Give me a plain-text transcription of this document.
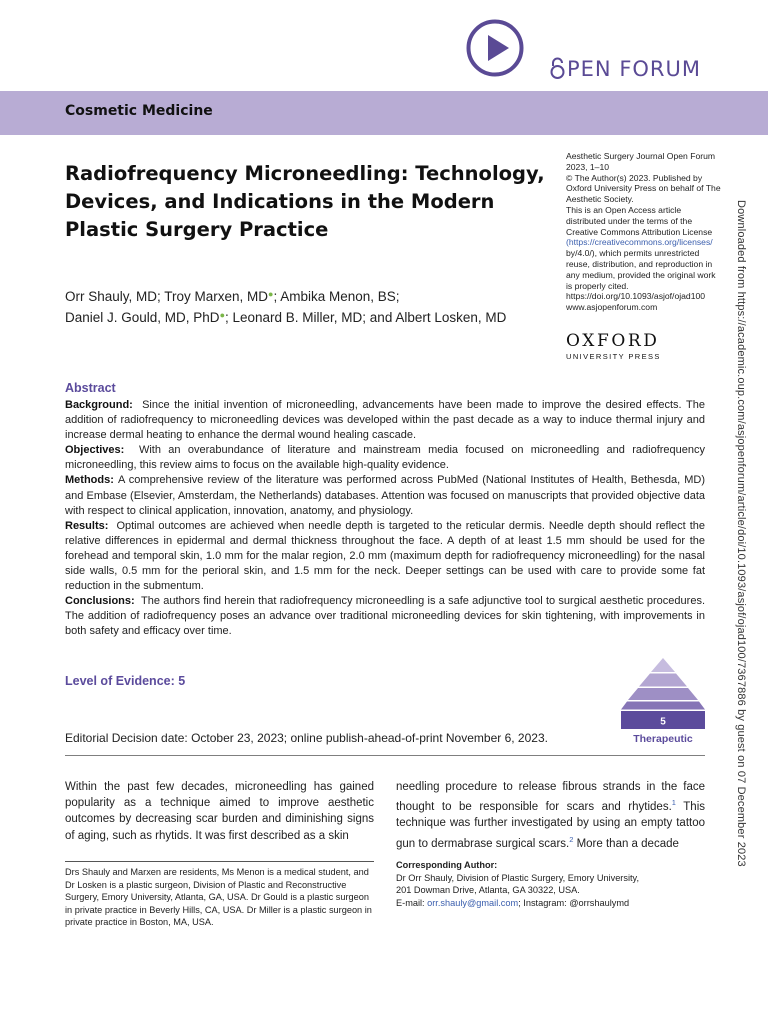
PEN FORUM
Cosmetic Medicine
Radiofrequency Microneedling: Technology, Devices, and Indications in the Modern Plastic Surgery Practice
Orr Shauly, MD; Troy Marxen, MD●; Ambika Menon, BS;
Daniel J. Gould, MD, PhD●; Leonard B. Miller, MD; and Albert Losken, MD
Aesthetic Surgery Journal Open Forum
2023, 1–10
© The Author(s) 2023. Published by
Oxford University Press on behalf of The
Aesthetic Society.
This is an Open Access article
distributed under the terms of the
Creative Commons Attribution License
(https://creativecommons.org/licenses/
by/4.0/), which permits unrestricted
reuse, distribution, and reproduction in
any medium, provided the original work
is properly cited.
https://doi.org/10.1093/asjof/ojad100
www.asjopenforum.com
OXFORD
UNIVERSITY PRESS	Downloaded from https://academic.oup.com/asjopenforum/article/doi/10.1093/asjof/ojad100/7367886 by guest on 07 December 2023
Abstract

Background: Since the initial invention of microneedling, advancements have been made to improve the desired effects. The addition of radiofrequency to microneedling devices was developed within the past decade as a way to induce thermal injury and increase dermal heating to enhance the dermal wound healing cascade.

Objectives: With an overabundance of literature and mainstream media focused on microneedling and radiofrequency microneedling, this review aims to focus on the available high-quality evidence.

Methods: A comprehensive review of the literature was performed across PubMed (National Institutes of Health, Bethesda, MD) and Embase (Elsevier, Amsterdam, the Netherlands) databases. Attention was focused on manuscripts that provided objective data with respect to clinical application, innovation, anatomy, and physiology.

Results: Optimal outcomes are achieved when needle depth is targeted to the reticular dermis. Needle depth should reflect the relative differences in epidermal and dermal thickness throughout the face. A depth of at least 1.5 mm should be used for the forehead and temporal skin, 1.0 mm for the malar region, 2.0 mm (maximum depth for radiofrequency microneedling) for the nasal side walls, 0.5 mm for the perioral skin, and 1.5 mm for the neck. Deeper settings can be used with care to provide some fat reduction in the submentum.

Conclusions: The authors find herein that radiofrequency microneedling is a safe adjunctive tool to surgical aesthetic procedures. The addition of radiofrequency poses an advance over traditional microneedling devices for skin tightening, with improvements in both safety and efficacy over time.

Level of Evidence: 5
5
Therapeutic
Editorial Decision date: October 23, 2023; online publish-ahead-of-print November 6, 2023.

Within the past few decades, microneedling has gained popularity as a technique aimed to improve aesthetic outcomes by decreasing scar burden and diminishing signs of aging, such as rhytids. It was first described as a skin

needling procedure to release fibrous strands in the face thought to be responsible for scars and rhytides.$^1$ This technique was further investigated by using an empty tattoo gun to dermabrase surgical scars.$^2$ More than a decade

Drs Shauly and Marxen are residents, Ms Menon is a medical student, and Dr Losken is a plastic surgeon, Division of Plastic and Reconstructive Surgery, Emory University, Atlanta, GA, USA. Dr Gould is a plastic surgeon in private practice in Beverly Hills, CA, USA. Dr Miller is a plastic surgeon in private practice in Boston, MA, USA.

Corresponding Author:
Dr Orr Shauly, Division of Plastic Surgery, Emory University,
201 Dowman Drive, Atlanta, GA 30322, USA.
E-mail: orr.shauly@gmail.com; Instagram: @orrshaulymd
